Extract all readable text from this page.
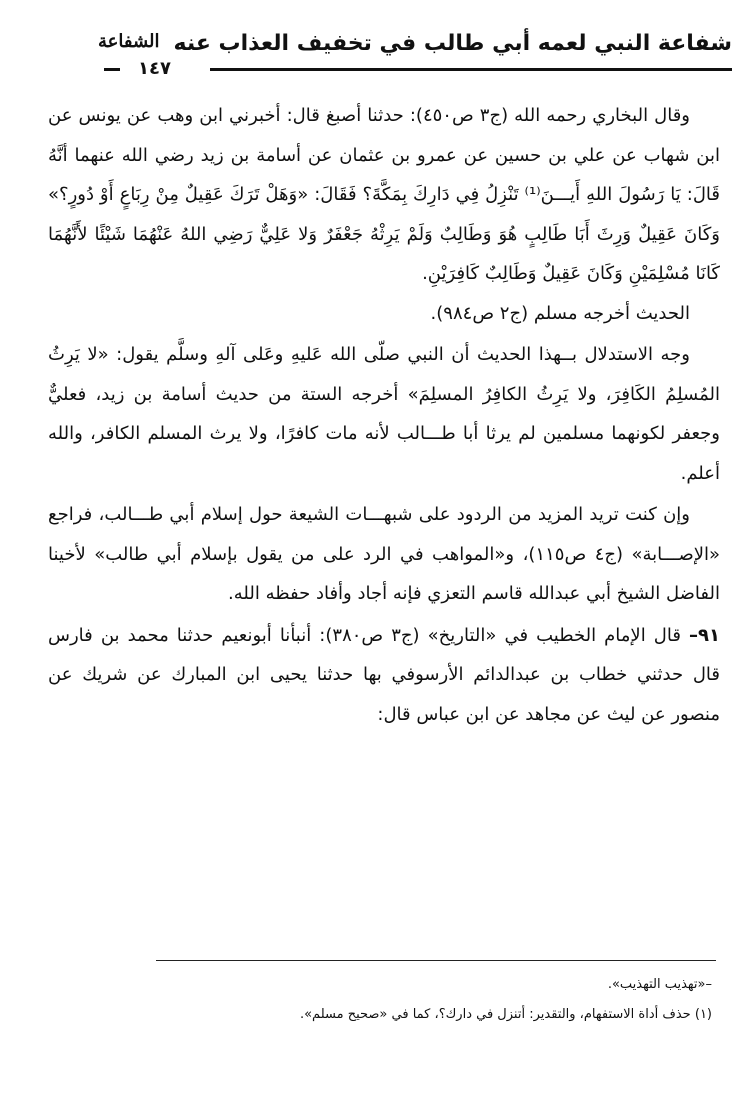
شفاعة النبي لعمه أبي طالب في تخفيف العذاب عنه
الشفاعة
١٤٧

وقال البخاري رحمه الله (ج٣ ص٤٥٠): حدثنا أصبغ قال: أخبرني ابن وهب عن يونس عن ابن شهاب عن علي بن حسين عن عمرو بن عثمان عن أسامة بن زيد رضي الله عنهما أنَّهُ قَالَ: يَا رَسُولَ اللهِ أَيـــنَ⁽¹⁾ تَنْزِلُ فِي دَارِكَ بِمَكَّةَ؟ فَقَالَ: «وَهَلْ تَرَكَ عَقِيلٌ مِنْ رِبَاعٍ أَوْ دُورٍ؟» وَكَانَ عَقِيلٌ وَرِثَ أَبَا طَالِبٍ هُوَ وَطَالِبٌ وَلَمْ يَرِثْهُ جَعْفَرٌ وَلا عَلِيٌّ رَضِي اللهُ عَنْهُمَا شَيْئًا لأَنَّهُمَا كَانَا مُسْلِمَيْنِ وَكَانَ عَقِيلٌ وَطَالِبٌ كَافِرَيْنِ.

الحديث أخرجه مسلم (ج٢ ص٩٨٤).

وجه الاستدلال بــهذا الحديث أن النبي صلّى الله عَليهِ وعَلى آلهِ وسلَّم يقول: «لا يَرِثُ المُسلِمُ الكَافِرَ، ولا يَرِثُ الكافِرُ المسلِمَ» أخرجه الستة من حديث أسامة بن زيد، فعليٌّ وجعفر لكونهما مسلمين لم يرثا أبا طـــالب لأنه مات كافرًا، ولا يرث المسلم الكافر، والله أعلم.

وإن كنت تريد المزيد من الردود على شبهـــات الشيعة حول إسلام أبي طـــالب، فراجع «الإصـــابة» (ج٤ ص١١٥)، و«المواهب في الرد على من يقول بإسلام أبي طالب» لأخينا الفاضل الشيخ أبي عبدالله قاسم التعزي فإنه أجاد وأفاد حفظه الله.

٩١– قال الإمام الخطيب في «التاريخ» (ج٣ ص٣٨٠): أنبأنا أبونعيم حدثنا محمد بن فارس قال حدثني خطاب بن عبدالدائم الأرسوفي بها حدثنا يحيى ابن المبارك عن شريك عن منصور عن ليث عن مجاهد عن ابن عباس قال:

–«تهذيب التهذيب».

(١) حذف أداة الاستفهام، والتقدير: أتنزل في دارك؟، كما في «صحيح مسلم».
